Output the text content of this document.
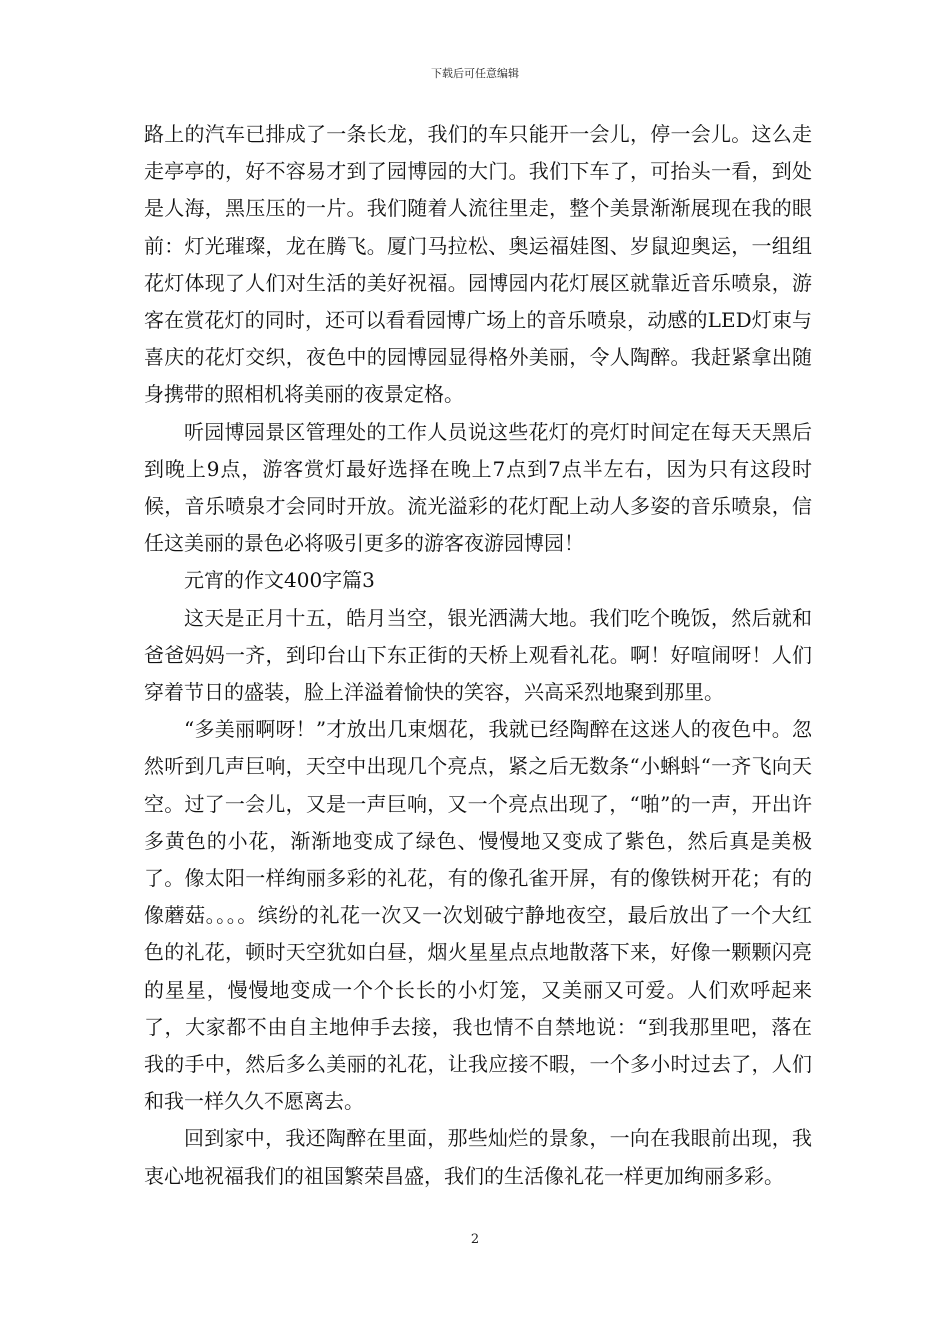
下载后可任意编辑

路上的汽车已排成了一条长龙，我们的车只能开一会儿，停一会儿。这么走走亭亭的，好不容易才到了园博园的大门。我们下车了，可抬头一看，到处是人海，黑压压的一片。我们随着人流往里走，整个美景渐渐展现在我的眼前：灯光璀璨，龙在腾飞。厦门马拉松、奥运福娃图、岁鼠迎奥运，一组组花灯体现了人们对生活的美好祝福。园博园内花灯展区就靠近音乐喷泉，游客在赏花灯的同时，还可以看看园博广场上的音乐喷泉，动感的LED灯束与喜庆的花灯交织，夜色中的园博园显得格外美丽，令人陶醉。我赶紧拿出随身携带的照相机将美丽的夜景定格。

听园博园景区管理处的工作人员说这些花灯的亮灯时间定在每天天黑后到晚上9点，游客赏灯最好选择在晚上7点到7点半左右，因为只有这段时候，音乐喷泉才会同时开放。流光溢彩的花灯配上动人多姿的音乐喷泉，信任这美丽的景色必将吸引更多的游客夜游园博园！

元宵的作文400字篇3

这天是正月十五，皓月当空，银光洒满大地。我们吃个晚饭，然后就和爸爸妈妈一齐，到印台山下东正街的天桥上观看礼花。啊！好喧闹呀！人们穿着节日的盛装，脸上洋溢着愉快的笑容，兴高采烈地聚到那里。

“多美丽啊呀！”才放出几束烟花，我就已经陶醉在这迷人的夜色中。忽然听到几声巨响，天空中出现几个亮点，紧之后无数条“小蝌蚪“一齐飞向天空。过了一会儿，又是一声巨响，又一个亮点出现了，“啪”的一声，开出许多黄色的小花，渐渐地变成了绿色、慢慢地又变成了紫色，然后真是美极了。像太阳一样绚丽多彩的礼花，有的像孔雀开屏，有的像铁树开花；有的像蘑菇。。。。缤纷的礼花一次又一次划破宁静地夜空，最后放出了一个大红色的礼花，顿时天空犹如白昼，烟火星星点点地散落下来，好像一颗颗闪亮的星星，慢慢地变成一个个长长的小灯笼，又美丽又可爱。人们欢呼起来了，大家都不由自主地伸手去接，我也情不自禁地说：“到我那里吧，落在我的手中，然后多么美丽的礼花，让我应接不暇，一个多小时过去了，人们和我一样久久不愿离去。

回到家中，我还陶醉在里面，那些灿烂的景象，一向在我眼前出现，我衷心地祝福我们的祖国繁荣昌盛，我们的生活像礼花一样更加绚丽多彩。

2
